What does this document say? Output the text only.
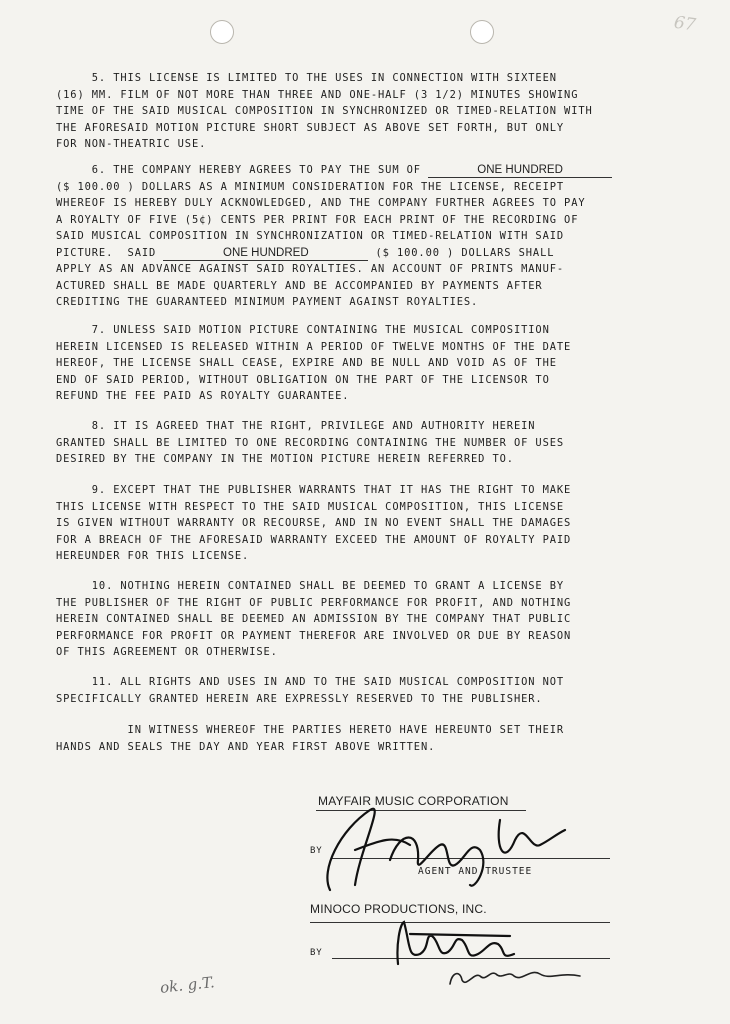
67
5. THIS LICENSE IS LIMITED TO THE USES IN CONNECTION WITH SIXTEEN
(16) MM. FILM OF NOT MORE THAN THREE AND ONE-HALF (3 1/2) MINUTES SHOWING
TIME OF THE SAID MUSICAL COMPOSITION IN SYNCHRONIZED OR TIMED-RELATION WITH
THE AFORESAID MOTION PICTURE SHORT SUBJECT AS ABOVE SET FORTH, BUT ONLY
FOR NON-THEATRIC USE.
6. THE COMPANY HEREBY AGREES TO PAY THE SUM OF	ONE HUNDRED
($ 100.00 ) DOLLARS AS A MINIMUM CONSIDERATION FOR THE LICENSE, RECEIPT
WHEREOF IS HEREBY DULY ACKNOWLEDGED, AND THE COMPANY FURTHER AGREES TO PAY
A ROYALTY OF FIVE (5¢) CENTS PER PRINT FOR EACH PRINT OF THE RECORDING OF
SAID MUSICAL COMPOSITION IN SYNCHRONIZATION OR TIMED-RELATION WITH SAID
PICTURE.  SAID	ONE HUNDRED	($ 100.00 ) DOLLARS SHALL
APPLY AS AN ADVANCE AGAINST SAID ROYALTIES. AN ACCOUNT OF PRINTS MANUF-
ACTURED SHALL BE MADE QUARTERLY AND BE ACCOMPANIED BY PAYMENTS AFTER
CREDITING THE GUARANTEED MINIMUM PAYMENT AGAINST ROYALTIES.
7. UNLESS SAID MOTION PICTURE CONTAINING THE MUSICAL COMPOSITION
HEREIN LICENSED IS RELEASED WITHIN A PERIOD OF TWELVE MONTHS OF THE DATE
HEREOF, THE LICENSE SHALL CEASE, EXPIRE AND BE NULL AND VOID AS OF THE
END OF SAID PERIOD, WITHOUT OBLIGATION ON THE PART OF THE LICENSOR TO
REFUND THE FEE PAID AS ROYALTY GUARANTEE.
8. IT IS AGREED THAT THE RIGHT, PRIVILEGE AND AUTHORITY HEREIN
GRANTED SHALL BE LIMITED TO ONE RECORDING CONTAINING THE NUMBER OF USES
DESIRED BY THE COMPANY IN THE MOTION PICTURE HEREIN REFERRED TO.
9. EXCEPT THAT THE PUBLISHER WARRANTS THAT IT HAS THE RIGHT TO MAKE
THIS LICENSE WITH RESPECT TO THE SAID MUSICAL COMPOSITION, THIS LICENSE
IS GIVEN WITHOUT WARRANTY OR RECOURSE, AND IN NO EVENT SHALL THE DAMAGES
FOR A BREACH OF THE AFORESAID WARRANTY EXCEED THE AMOUNT OF ROYALTY PAID
HEREUNDER FOR THIS LICENSE.
10. NOTHING HEREIN CONTAINED SHALL BE DEEMED TO GRANT A LICENSE BY
THE PUBLISHER OF THE RIGHT OF PUBLIC PERFORMANCE FOR PROFIT, AND NOTHING
HEREIN CONTAINED SHALL BE DEEMED AN ADMISSION BY THE COMPANY THAT PUBLIC
PERFORMANCE FOR PROFIT OR PAYMENT THEREFOR ARE INVOLVED OR DUE BY REASON
OF THIS AGREEMENT OR OTHERWISE.
11. ALL RIGHTS AND USES IN AND TO THE SAID MUSICAL COMPOSITION NOT
SPECIFICALLY GRANTED HEREIN ARE EXPRESSLY RESERVED TO THE PUBLISHER.
IN WITNESS WHEREOF THE PARTIES HERETO HAVE HEREUNTO SET THEIR
HANDS AND SEALS THE DAY AND YEAR FIRST ABOVE WRITTEN.
MAYFAIR MUSIC CORPORATION
BY
AGENT AND TRUSTEE
MINOCO PRODUCTIONS, INC.
BY
ok. g.T.
